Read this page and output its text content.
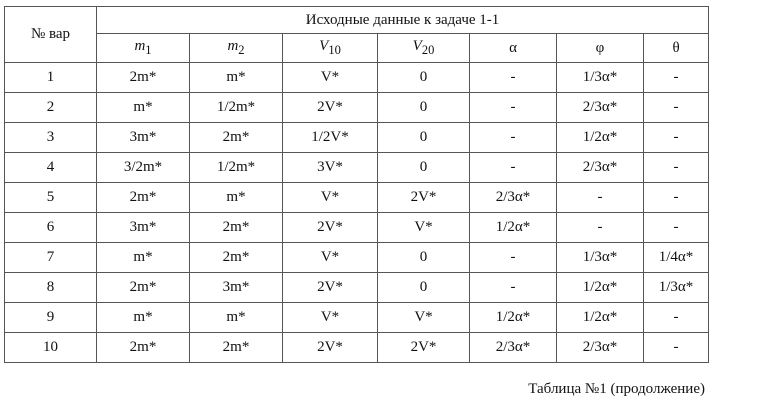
№ вар	Исходные данные к задаче 1-1						
	$m_1$	$m_2$	$V_{10}$	$V_{20}$	α	φ	θ
1	2m*	m*	V*	0	-	1/3α*	-
2	m*	1/2m*	2V*	0	-	2/3α*	-
3	3m*	2m*	1/2V*	0	-	1/2α*	-
4	3/2m*	1/2m*	3V*	0	-	2/3α*	-
5	2m*	m*	V*	2V*	2/3α*	-	-
6	3m*	2m*	2V*	V*	1/2α*	-	-
7	m*	2m*	V*	0	-	1/3α*	1/4α*
8	2m*	3m*	2V*	0	-	1/2α*	1/3α*
9	m*	m*	V*	V*	1/2α*	1/2α*	-
10	2m*	2m*	2V*	2V*	2/3α*	2/3α*	-
Таблица №1 (продолжение)
